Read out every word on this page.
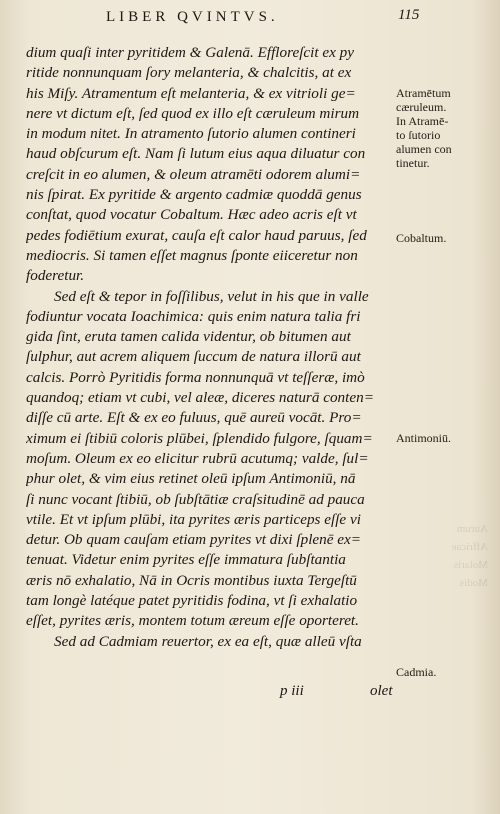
Aurum
Affricae
Molaris
Modis
LIBER QVINTVS.	115
dium quaſi inter pyritidem & Galenā. Effloreſcit ex py
ritide nonnunquam ſory melanteria, & chalcitis, at ex
his Miſy. Atramentum eſt melanteria, & ex vitrioli ge=
nere vt dictum eſt, ſed quod ex illo eſt cæruleum mirum
in modum nitet. In atramento ſutorio alumen contineri
haud obſcurum eſt. Nam ſi lutum eius aqua diluatur con
creſcit in eo alumen, & oleum atramēti odorem alumi=
nis ſpirat. Ex pyritide & argento cadmiæ quoddā genus
conſtat, quod vocatur Cobaltum. Hæc adeo acris eſt vt
pedes fodiētium exurat, cauſa eſt calor haud paruus, ſed
mediocris. Si tamen eſſet magnus ſponte eiiceretur non
foderetur.
Sed eſt & tepor in foſſilibus, velut in his que in valle
fodiuntur vocata Ioachimica: quis enim natura talia fri
gida ſint, eruta tamen calida videntur, ob bitumen aut
ſulphur, aut acrem aliquem ſuccum de natura illorū aut
calcis. Porrò Pyritidis forma nonnunquā vt teſſeræ, imò
quandoq; etiam vt cubi, vel aleæ, diceres naturā conten=
diſſe cū arte. Eſt & ex eo fuluus, quē aureū vocāt. Pro=
ximum ei ſtibiū coloris plūbei, ſplendido fulgore, ſquam=
moſum. Oleum ex eo elicitur rubrū acutumq; valde, ſul=
phur olet, & vim eius retinet oleū ipſum Antimoniū, nā
ſi nunc vocant ſtibiū, ob ſubſtātiæ craſsitudinē ad pauca
vtile. Et vt ipſum plūbi, ita pyrites æris particeps eſſe vi
detur. Ob quam cauſam etiam pyrites vt dixi ſplenē ex=
tenuat. Videtur enim pyrites eſſe immatura ſubſtantia
æris nō exhalatio, Nā in Ocris montibus iuxta Tergeſtū
tam longè latéque patet pyritidis fodina, vt ſi exhalatio
eſſet, pyrites æris, montem totum æreum eſſe oporteret.
Sed ad Cadmiam reuertor, ex ea eſt, quæ alleū vſta
Atramētum
cæruleum.
In Atramē-
to ſutorio
alumen con
tinetur.
Cobaltum.
Antimoniū.
Cadmia.
p iii	olet
